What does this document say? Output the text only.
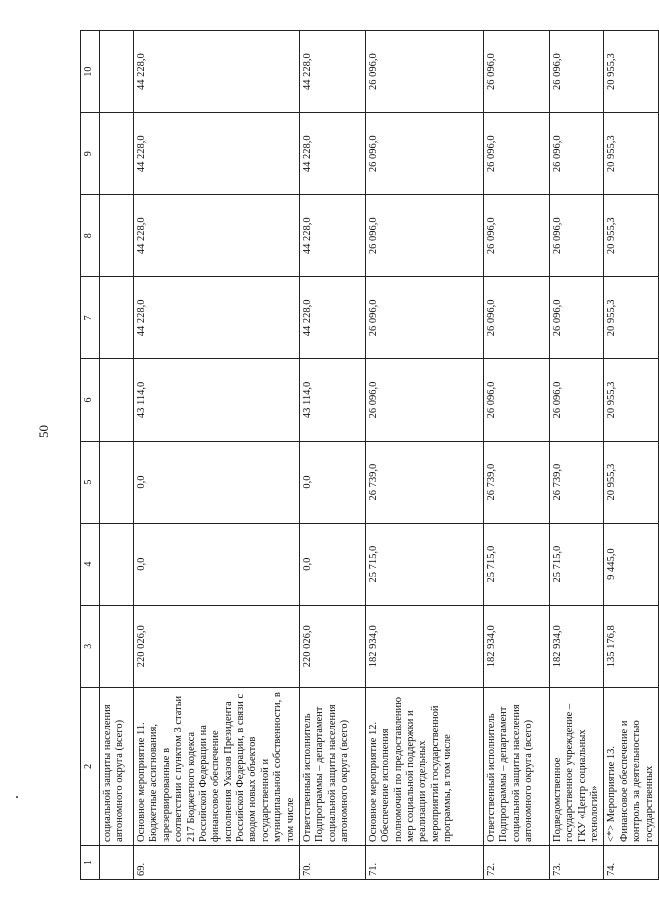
50
1	2	3	4	5	6	7	8	9	10
	социальной защиты населения автономного округа (всего)								
69.	Основное мероприятие 11. Бюджетные ассигнования, зарезервированные в соответствии с пунктом 3 статьи 217 Бюджетного кодекса Российской Федерации на финансовое обеспечение исполнения Указов Президента Российской Федерации, в связи с вводом новых объектов государственной и муниципальной собственности, в том числе	220 026,0	0,0	0,0	43 114,0	44 228,0	44 228,0	44 228,0	44 228,0
70.	Ответственный исполнитель Подпрограммы – департамент социальной защиты населения автономного округа (всего)	220 026,0	0,0	0,0	43 114,0	44 228,0	44 228,0	44 228,0	44 228,0
71.	Основное мероприятие 12. Обеспечение исполнения полномочий по предоставлению мер социальной поддержки и реализации отдельных мероприятий государственной программы, в том числе	182 934,0	25 715,0	26 739,0	26 096,0	26 096,0	26 096,0	26 096,0	26 096,0
72.	Ответственный исполнитель Подпрограммы – департамент социальной защиты населения автономного округа (всего)	182 934,0	25 715,0	26 739,0	26 096,0	26 096,0	26 096,0	26 096,0	26 096,0
73.	Подведомственное государственное учреждение – ГКУ «Центр социальных технологий»	182 934,0	25 715,0	26 739,0	26 096,0	26 096,0	26 096,0	26 096,0	26 096,0
74.	<*> Мероприятие 13. Финансовое обеспечение и контроль за деятельностью государственных	135 176,8	9 445,0	20 955,3	20 955,3	20 955,3	20 955,3	20 955,3	20 955,3
